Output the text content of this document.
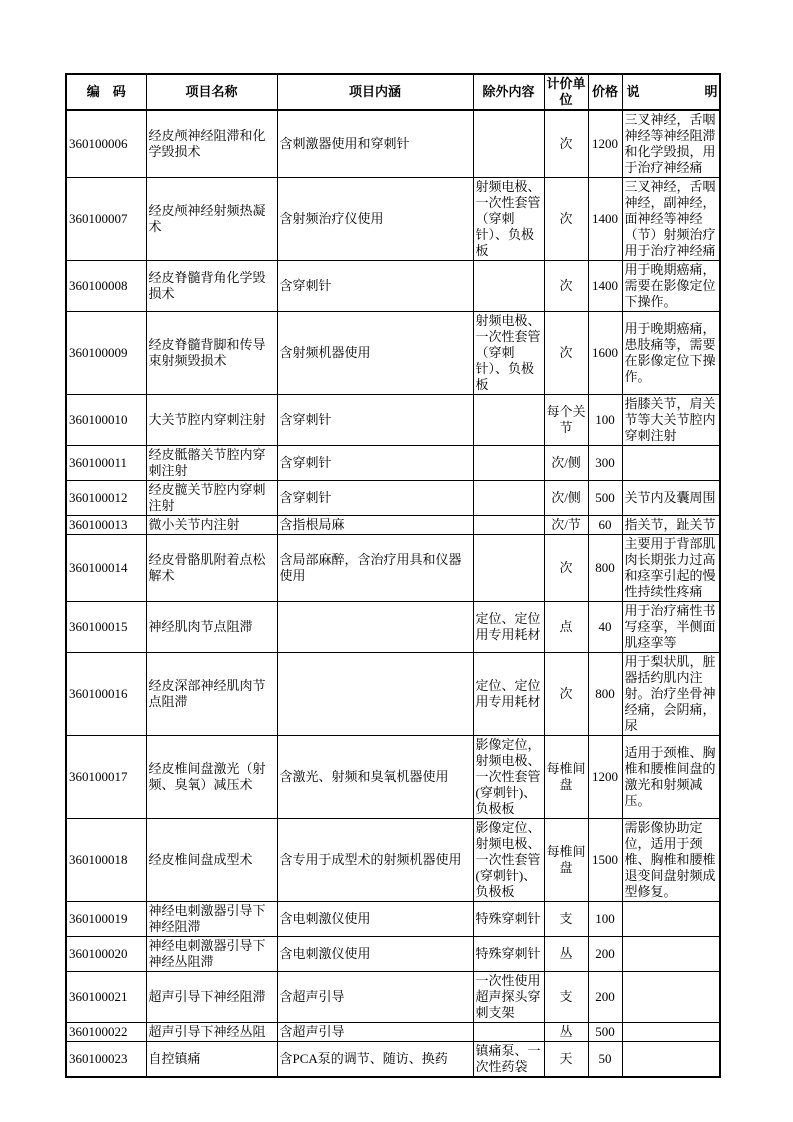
编　码	项目名称	项目内涵	除外内容	计价单位	价格	说　　　　　明
360100006	经皮颅神经阻滞和化学毁损术	含刺激器使用和穿刺针		次	1200	三叉神经，舌咽神经等神经阻滞和化学毁损，用于治疗神经痛
360100007	经皮颅神经射频热凝术	含射频治疗仪使用	射频电极、一次性套管（穿刺针）、负极板	次	1400	三叉神经，舌咽神经，副神经，面神经等神经（节）射频治疗用于治疗神经痛
360100008	经皮脊髓背角化学毁损术	含穿刺针		次	1400	用于晚期癌痛，需要在影像定位下操作。
360100009	经皮脊髓背脚和传导束射频毁损术	含射频机器使用	射频电极、一次性套管（穿刺针）、负极板	次	1600	用于晚期癌痛，患肢痛等，需要在影像定位下操作。
360100010	大关节腔内穿刺注射	含穿刺针		每个关节	100	指膝关节，肩关节等大关节腔内穿刺注射
360100011	经皮骶髂关节腔内穿刺注射	含穿刺针		次/侧	300	
360100012	经皮髋关节腔内穿刺注射	含穿刺针		次/侧	500	关节内及囊周围
360100013	微小关节内注射	含指根局麻		次/节	60	指关节，趾关节
360100014	经皮骨骼肌附着点松解术	含局部麻醉，含治疗用具和仪器使用		次	800	主要用于背部肌肉长期张力过高和痉挛引起的慢性持续性疼痛
360100015	神经肌肉节点阻滞		定位、定位用专用耗材	点	40	用于治疗痛性书写痉挛，半侧面肌痉挛等
360100016	经皮深部神经肌肉节点阻滞		定位、定位用专用耗材	次	800	用于梨状肌，脏器括约肌内注射。治疗坐骨神经痛，会阴痛，尿
360100017	经皮椎间盘激光（射频、臭氧）减压术	含激光、射频和臭氧机器使用	影像定位，射频电极、一次性套管(穿刺针)、负极板	每椎间盘	1200	适用于颈椎、胸椎和腰椎间盘的激光和射频减压。
360100018	经皮椎间盘成型术	含专用于成型术的射频机器使用	影像定位、射频电极、一次性套管(穿刺针)、负极板	每椎间盘	1500	需影像协助定位，适用于颈椎、胸椎和腰椎退变间盘射频成型修复。
360100019	神经电刺激器引导下神经阻滞	含电刺激仪使用	特殊穿刺针	支	100	
360100020	神经电刺激器引导下神经丛阻滞	含电刺激仪使用	特殊穿刺针	丛	200	
360100021	超声引导下神经阻滞	含超声引导	一次性使用超声探头穿刺支架	支	200	
360100022	超声引导下神经丛阻	含超声引导		丛	500	
360100023	自控镇痛	含PCA泵的调节、随访、换药	镇痛泵、一次性药袋	天	50	
